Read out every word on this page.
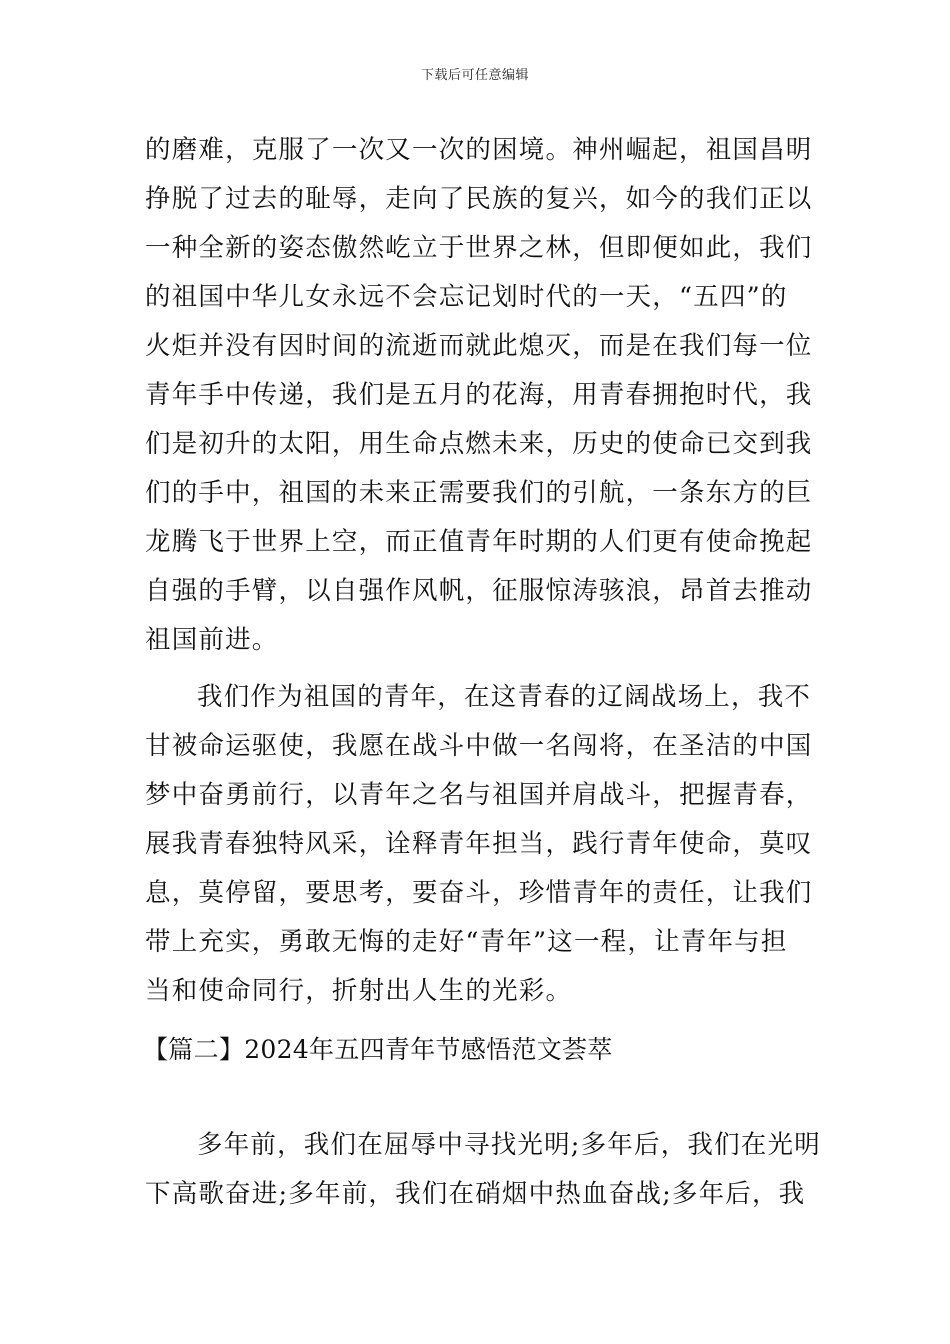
下载后可任意编辑
的磨难，克服了一次又一次的困境。神州崛起，祖国昌明
挣脱了过去的耻辱，走向了民族的复兴，如今的我们正以
一种全新的姿态傲然屹立于世界之林，但即便如此，我们
的祖国中华儿女永远不会忘记划时代的一天，“五四”的
火炬并没有因时间的流逝而就此熄灭，而是在我们每一位
青年手中传递，我们是五月的花海，用青春拥抱时代，我
们是初升的太阳，用生命点燃未来，历史的使命已交到我
们的手中，祖国的未来正需要我们的引航，一条东方的巨
龙腾飞于世界上空，而正值青年时期的人们更有使命挽起
自强的手臂，以自强作风帆，征服惊涛骇浪，昂首去推动
祖国前进。
我们作为祖国的青年，在这青春的辽阔战场上，我不
甘被命运驱使，我愿在战斗中做一名闯将，在圣洁的中国
梦中奋勇前行，以青年之名与祖国并肩战斗，把握青春，
展我青春独特风采，诠释青年担当，践行青年使命，莫叹
息，莫停留，要思考，要奋斗，珍惜青年的责任，让我们
带上充实，勇敢无悔的走好“青年”这一程，让青年与担
当和使命同行，折射出人生的光彩。
【篇二】2024年五四青年节感悟范文荟萃
多年前，我们在屈辱中寻找光明;多年后，我们在光明
下高歌奋进;多年前，我们在硝烟中热血奋战;多年后，我
